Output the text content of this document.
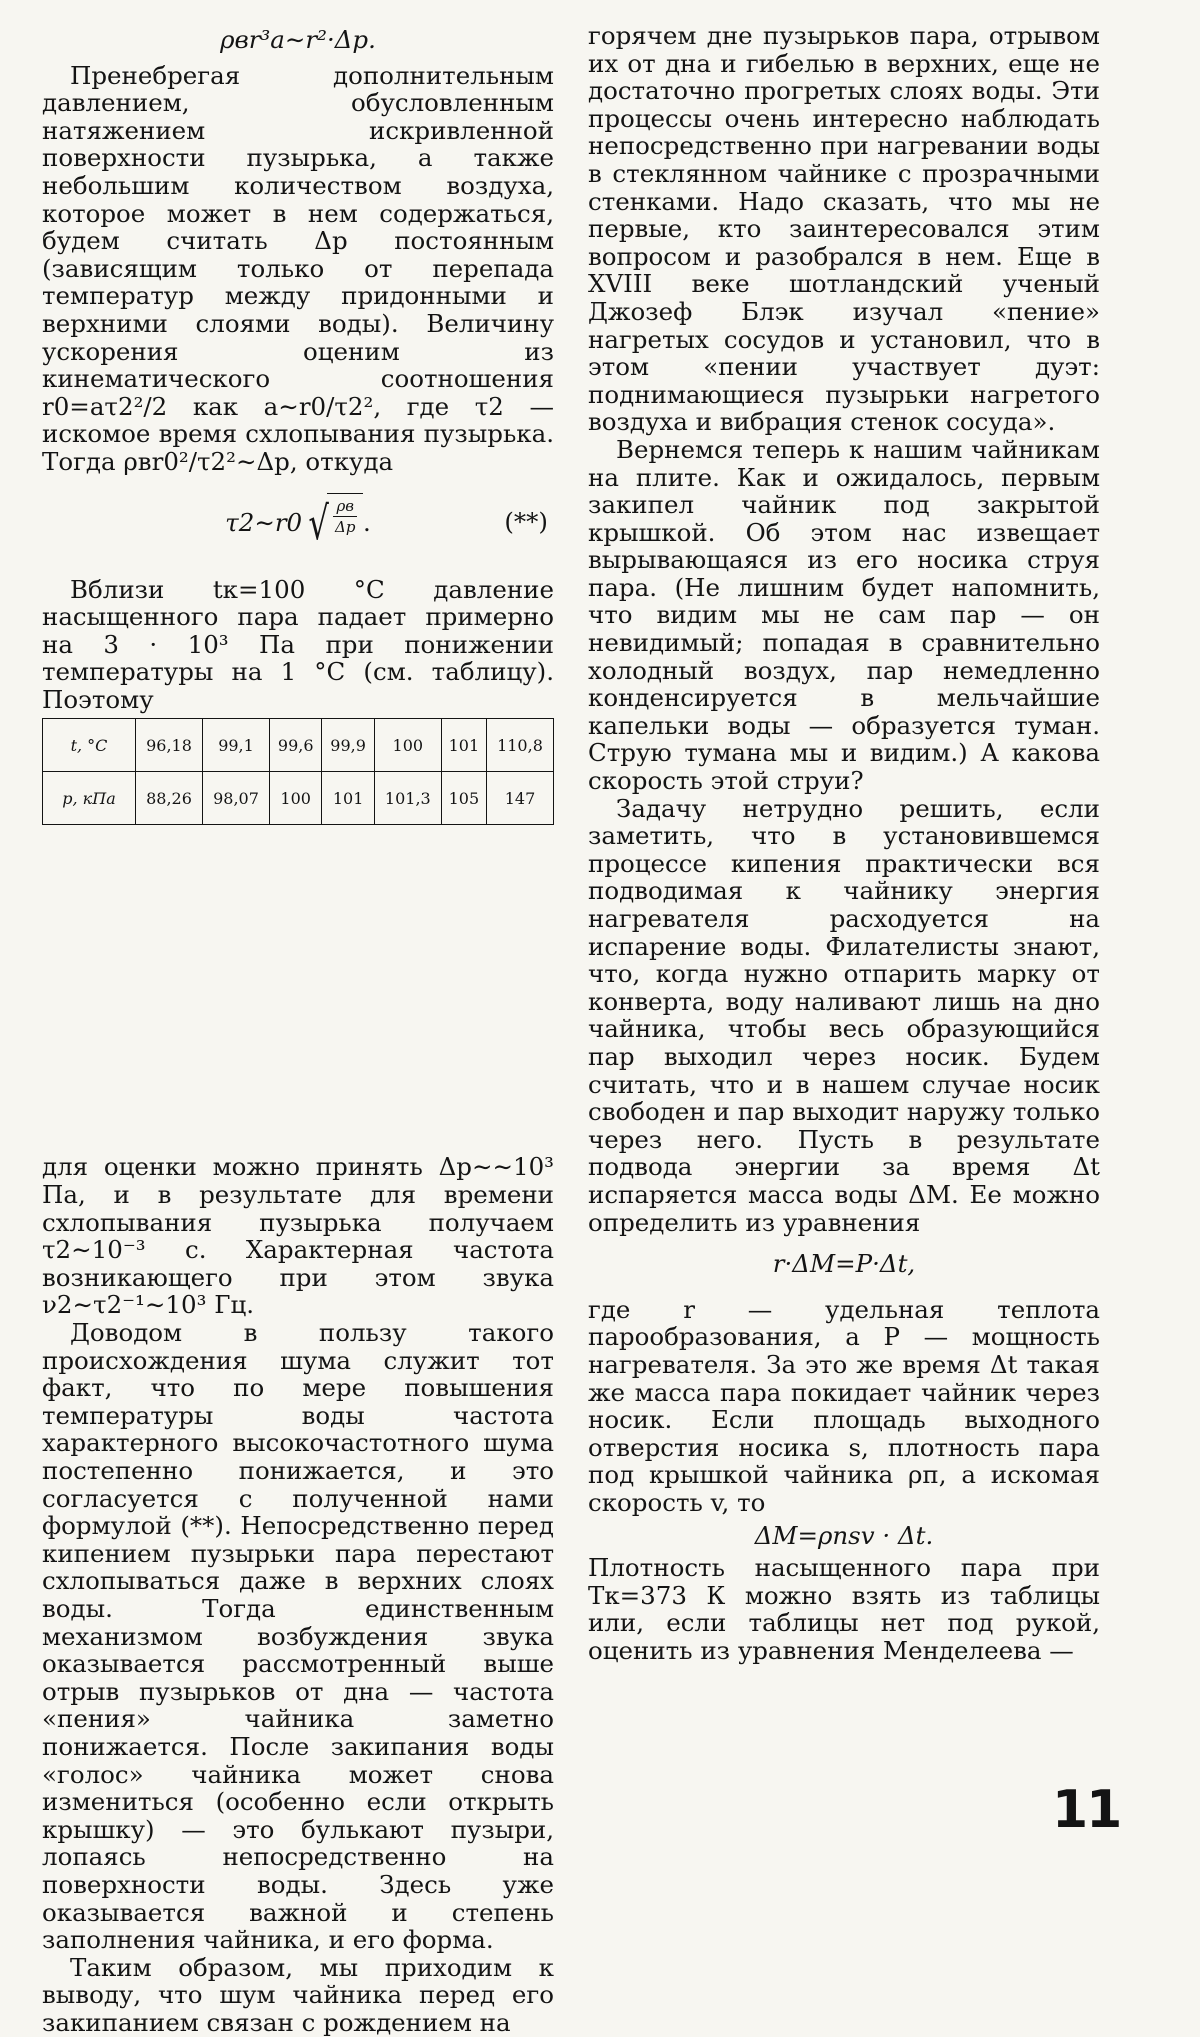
ρвr³a∼r²·Δp.

Пренебрегая дополнительным давлением, обусловленным натяжением искривленной поверхности пузырька, а также небольшим количеством воздуха, которое может в нем содержаться, будем считать Δp постоянным (зависящим только от перепада температур между придонными и верхними слоями воды). Величину ускорения оценим из кинематического соотношения r0=aτ2²/2 как a∼r0/τ2², где τ2 — искомое время схлопывания пузырька. Тогда ρвr0²/τ2²∼Δp, откуда

τ2∼r0 √ ρв
Δp .	(**)

Вблизи tк=100 °C давление насыщенного пара падает примерно на 3 · 10³ Па при понижении температуры на 1 °C (см. таблицу). Поэтому

для оценки можно принять Δp∼∼10³ Па, и в результате для времени схлопывания пузырька получаем τ2∼10⁻³ с. Характерная частота возникающего при этом звука ν2∼τ2⁻¹∼10³ Гц.

Доводом в пользу такого происхождения шума служит тот факт, что по мере повышения температуры воды частота характерного высокочастотного шума постепенно понижается, и это согласуется с полученной нами формулой (**). Непосредственно перед кипением пузырьки пара перестают схлопываться даже в верхних слоях воды. Тогда единственным механизмом возбуждения звука оказывается рассмотренный выше отрыв пузырьков от дна — частота «пения» чайника заметно понижается. После закипания воды «голос» чайника может снова измениться (особенно если открыть крышку) — это булькают пузыри, лопаясь непосредственно на поверхности воды. Здесь уже оказывается важной и степень заполнения чайника, и его форма.

Таким образом, мы приходим к выводу, что шум чайника перед его закипанием связан с рождением на

t, °C	96,18	99,1	99,6	99,9	100	101	110,8
p, кПа	88,26	98,07	100	101	101,3	105	147

горячем дне пузырьков пара, отрывом их от дна и гибелью в верхних, еще не достаточно прогретых слоях воды. Эти процессы очень интересно наблюдать непосредственно при нагревании воды в стеклянном чайнике с прозрачными стенками. Надо сказать, что мы не первые, кто заинтересовался этим вопросом и разобрался в нем. Еще в XVIII веке шотландский ученый Джозеф Блэк изучал «пение» нагретых сосудов и установил, что в этом «пении участвует дуэт: поднимающиеся пузырьки нагретого воздуха и вибрация стенок сосуда».

Вернемся теперь к нашим чайникам на плите. Как и ожидалось, первым закипел чайник под закрытой крышкой. Об этом нас извещает вырывающаяся из его носика струя пара. (Не лишним будет напомнить, что видим мы не сам пар — он невидимый; попадая в сравнительно холодный воздух, пар немедленно конденсируется в мельчайшие капельки воды — образуется туман. Струю тумана мы и видим.) А какова скорость этой струи?

Задачу нетрудно решить, если заметить, что в установившемся процессе кипения практически вся подводимая к чайнику энергия нагревателя расходуется на испарение воды. Филателисты знают, что, когда нужно отпарить марку от конверта, воду наливают лишь на дно чайника, чтобы весь образующийся пар выходил через носик. Будем считать, что и в нашем случае носик свободен и пар выходит наружу только через него. Пусть в результате подвода энергии за время Δt испаряется масса воды ΔM. Ее можно определить из уравнения

r·ΔM=P·Δt,

где r — удельная теплота парообразования, а P — мощность нагревателя. За это же время Δt такая же масса пара покидает чайник через носик. Если площадь выходного отверстия носика s, плотность пара под крышкой чайника ρп, а искомая скорость v, то

ΔM=ρпsv · Δt.

Плотность насыщенного пара при Tк=373 К можно взять из таблицы или, если таблицы нет под рукой, оценить из уравнения Менделеева —

11
